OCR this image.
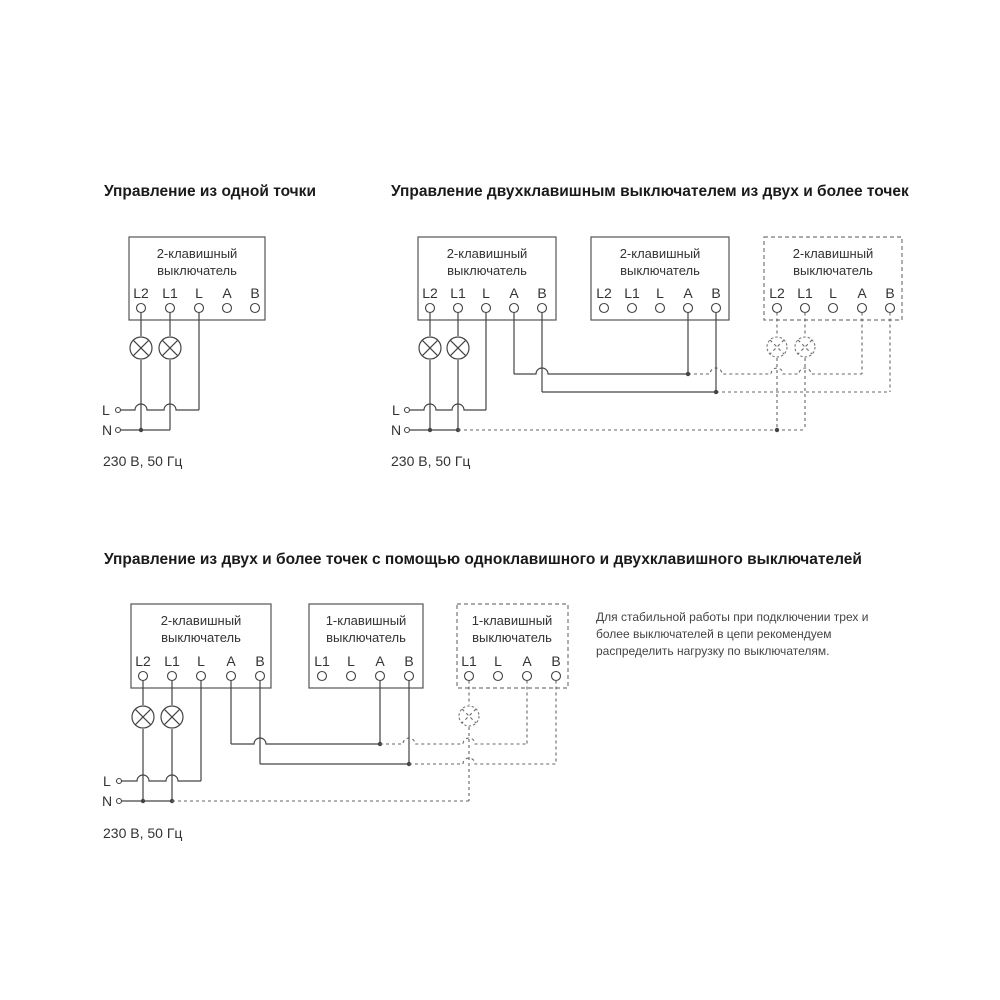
Управление из одной точки
2-клавишный
выключатель
L2 L1 L A B
L
N
230 В, 50 Гц
Управление двухклавишным выключателем из двух и более точек
2-клавишный
выключатель
L2 L1 L A B
2-клавишный
выключатель
L2 L1 L A B
2-клавишный
выключатель
L2 L1 L A B
L
N
230 В, 50 Гц
Управление из двух и более точек с помощью одноклавишного и двухклавишного выключателей
2-клавишный
выключатель
L2 L1 L A B
1-клавишный
выключатель
L1 L A B
1-клавишный
выключатель
L1 L A B
L
N
230 В, 50 Гц
Для стабильной работы при подключении трех и
более выключателей в цепи рекомендуем
распределить нагрузку по выключателям.
